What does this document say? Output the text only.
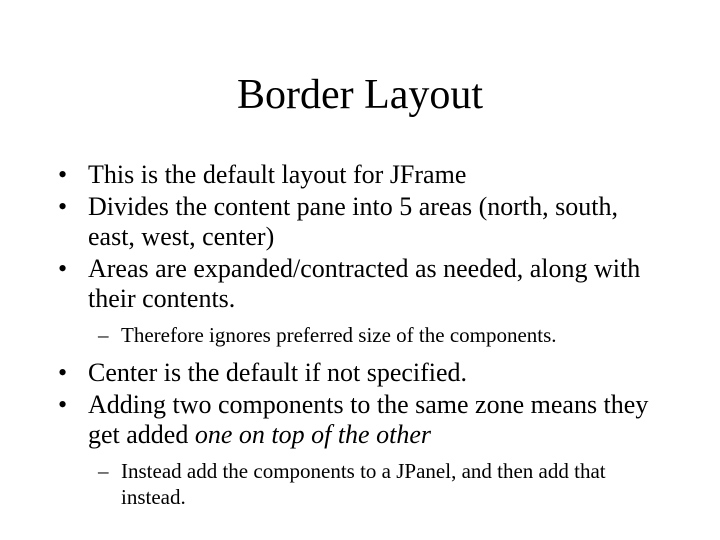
Border Layout
• This is the default layout for JFrame
• Divides the content pane into 5 areas (north, south, east, west, center)
• Areas are expanded/contracted as needed, along with their contents.
– Therefore ignores preferred size of the components.
• Center is the default if not specified.
• Adding two components to the same zone means they get added one on top of the other
– Instead add the components to a JPanel, and then add that instead.
